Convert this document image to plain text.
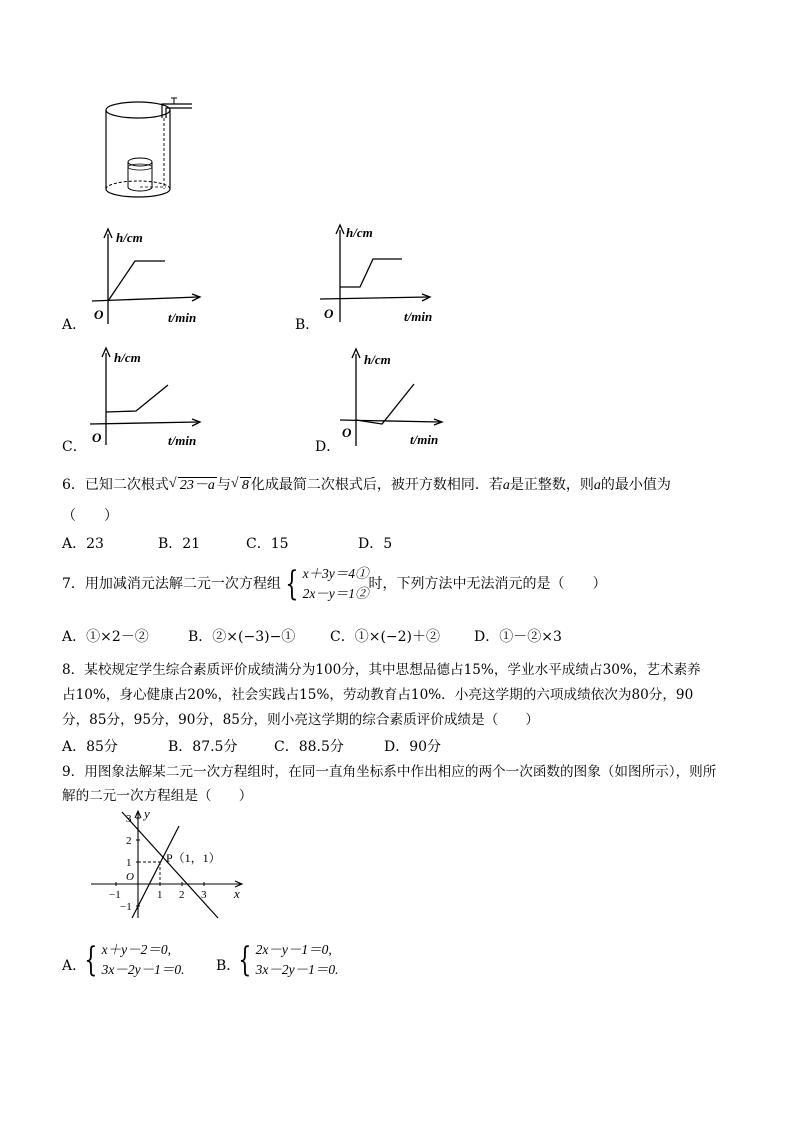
A．
h/cm
O	t/min	B．
h/cm
O	t/min
C．
h/cm
O	t/min	D．
h/cm
O	t/min
6．已知二次根式 √ 23－a 与 √ 8 化成最简二次根式后，被开方数相同．若a是正整数，则a的最小值为
（　　）
A．23	B．21	C．15	D．5
7．用加减消元法解二元一次方程组 { x＋3y＝4①
2x－y＝1②
时，下列方法中无法消元的是（　　）
A．①×2－②	B．②×(−3)−① C．①×(−2)＋② D．①－②×3
8．某校规定学生综合素质评价成绩满分为100分，其中思想品德占15%，学业水平成绩占30%，艺术素养
占10%，身心健康占20%，社会实践占15%，劳动教育占10%．小亮这学期的六项成绩依次为80分，90
分，85分，95分，90分，85分，则小亮这学期的综合素质评价成绩是（　　）
A．85分	B．87.5分	C．88.5分	D．90分
9．用图象法解某二元一次方程组时，在同一直角坐标系中作出相应的两个一次函数的图象（如图所示），则所
解的二元一次方程组是（　　）
y
x
O
P（1，1）
−1	1 2 3
3
2
1
−1
A．
{ x＋y－2＝0,
3x－2y－1＝0. B．
{ 2x－y－1＝0,
3x－2y－1＝0.
